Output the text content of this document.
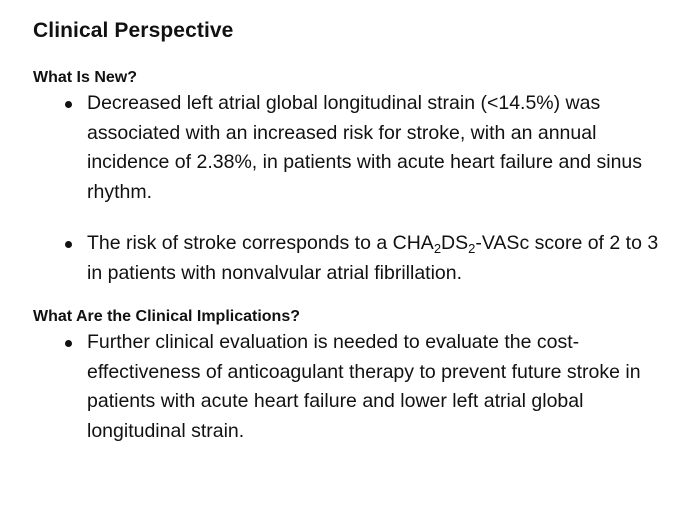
Clinical Perspective
What Is New?
Decreased left atrial global longitudinal strain (<14.5%) was associated with an increased risk for stroke, with an annual incidence of 2.38%, in patients with acute heart failure and sinus rhythm.
The risk of stroke corresponds to a $CHA_2DS_2$-VASc score of 2 to 3 in patients with nonvalvular atrial fibrillation.
What Are the Clinical Implications?
Further clinical evaluation is needed to evaluate the cost-effectiveness of anticoagulant therapy to prevent future stroke in patients with acute heart failure and lower left atrial global longitudinal strain.
